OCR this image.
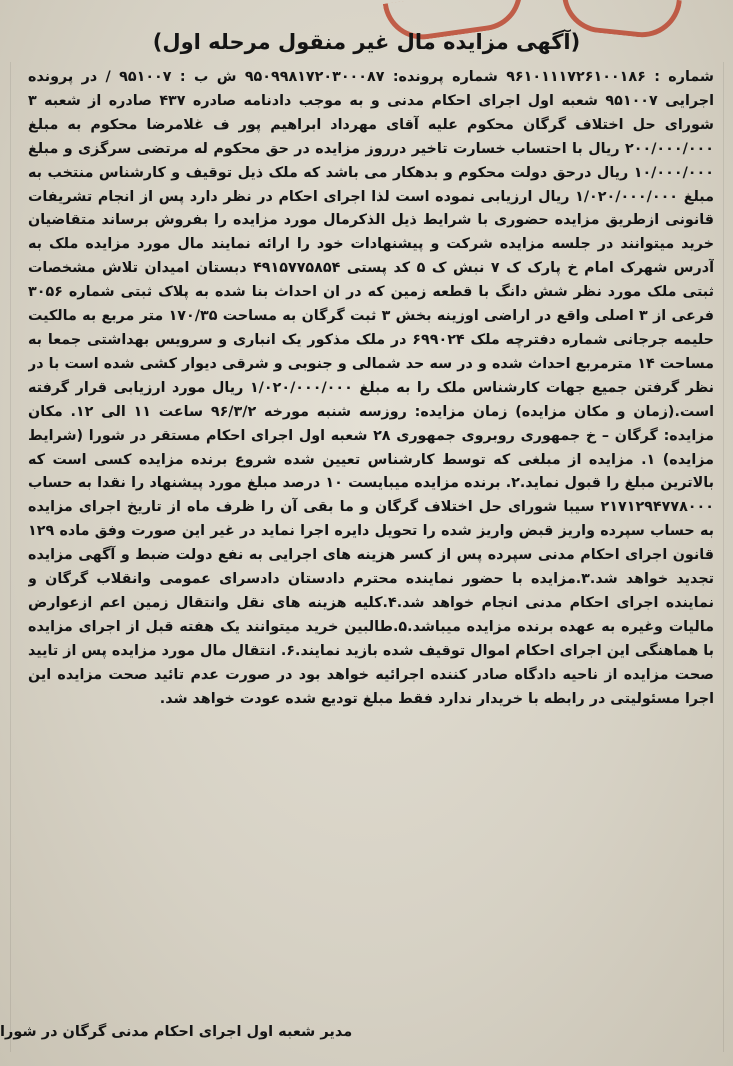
(آگهی مزایده مال غیر منقول مرحله اول)

شماره : ۹۶۱۰۱۱۱۷۲۶۱۰۰۱۸۶ شماره پرونده: ۹۵۰۹۹۸۱۷۲۰۳۰۰۰۸۷ ش ب : ۹۵۱۰۰۷ / در پرونده اجرایی ۹۵۱۰۰۷ شعبه اول اجرای احکام مدنی و به موجب دادنامه صادره ۴۳۷ صادره از شعبه ۳ شورای حل اختلاف گرگان محکوم علیه آقای مهرداد ابراهیم پور ف غلامرضا محکوم به مبلغ ۲۰۰/۰۰۰/۰۰۰ ریال با احتساب خسارت تاخیر درروز مزایده در حق محکوم له مرتضی سرگزی و مبلغ ۱۰/۰۰۰/۰۰۰ ریال درحق دولت محکوم و بدهکار می باشد که ملک ذیل توقیف و کارشناس منتخب به مبلغ ۱/۰۲۰/۰۰۰/۰۰۰ ریال ارزیابی نموده است لذا اجرای احکام در نظر دارد پس از انجام تشریفات قانونی ازطریق مزایده حضوری با شرایط ذیل الذکرمال مورد مزایده را بفروش برساند متقاضیان خرید میتوانند در جلسه مزایده شرکت و پیشنهادات خود را ارائه نمایند مال مورد مزایده ملک به آدرس شهرک امام خ پارک ک ۷ نبش ک ۵ کد پستی ۴۹۱۵۷۷۵۸۵۴ دبستان امیدان تلاش مشخصات ثبتی ملک مورد نظر شش دانگ با قطعه زمین که در ان احداث بنا شده به پلاک ثبتی شماره ۳۰۵۶ فرعی از ۳ اصلی واقع در اراضی اوزینه بخش ۳ ثبت گرگان به مساحت ۱۷۰/۳۵ متر مربع به مالکیت حلیمه جرجانی شماره دفترچه ملک ۶۹۹۰۲۴ در ملک مذکور یک انباری و سرویس بهداشتی جمعا به مساحت ۱۴ مترمربع احداث شده و در سه حد شمالی و جنوبی و شرقی دیوار کشی شده است با در نظر گرفتن جمیع جهات کارشناس ملک را به مبلغ ۱/۰۲۰/۰۰۰/۰۰۰ ریال مورد ارزیابی قرار گرفته است.(زمان و مکان مزایده) زمان مزایده: روزسه شنبه مورخه ۹۶/۳/۲ ساعت ۱۱ الی ۱۲. مکان مزایده: گرگان – خ جمهوری روبروی جمهوری ۲۸ شعبه اول اجرای احکام مستقر در شورا (شرایط مزایده) ۱. مزایده از مبلغی که توسط کارشناس تعیین شده شروع برنده مزایده کسی است که بالاترین مبلغ را قبول نماید.۲. برنده مزایده میبایست ۱۰ درصد مبلغ مورد پیشنهاد را نقدا به حساب ۲۱۷۱۲۹۴۷۷۸۰۰۰ سیبا شورای حل اختلاف گرگان و ما بقی آن را ظرف ماه از تاریخ اجرای مزایده به حساب سپرده واریز قبض واریز شده را تحویل دایره اجرا نماید در غیر این صورت وفق ماده ۱۲۹ قانون اجرای احکام مدنی سپرده پس از کسر هزینه های اجرایی به نفع دولت ضبط و آگهی مزایده تجدید خواهد شد.۳.مزایده با حضور نماینده محترم دادستان دادسرای عمومی وانقلاب گرگان و نماینده اجرای احکام مدنی انجام خواهد شد.۴.کلیه هزینه های نقل وانتقال زمین اعم ازعوارض مالیات وغیره به عهده برنده مزایده میباشد.۵.طالبین خرید میتوانند یک هفته قبل از اجرای مزایده با هماهنگی این اجرای احکام اموال توقیف شده بازید نمایند.۶. انتقال مال مورد مزایده پس از تایید صحت مزایده از ناحیه دادگاه صادر کننده اجرائیه خواهد بود در صورت عدم تائید صحت مزایده این اجرا مسئولیتی در رابطه با خریدار ندارد فقط مبلغ تودیع شده عودت خواهد شد.

مدیر شعبه اول اجرای احکام مدنی گرگان در شورا
